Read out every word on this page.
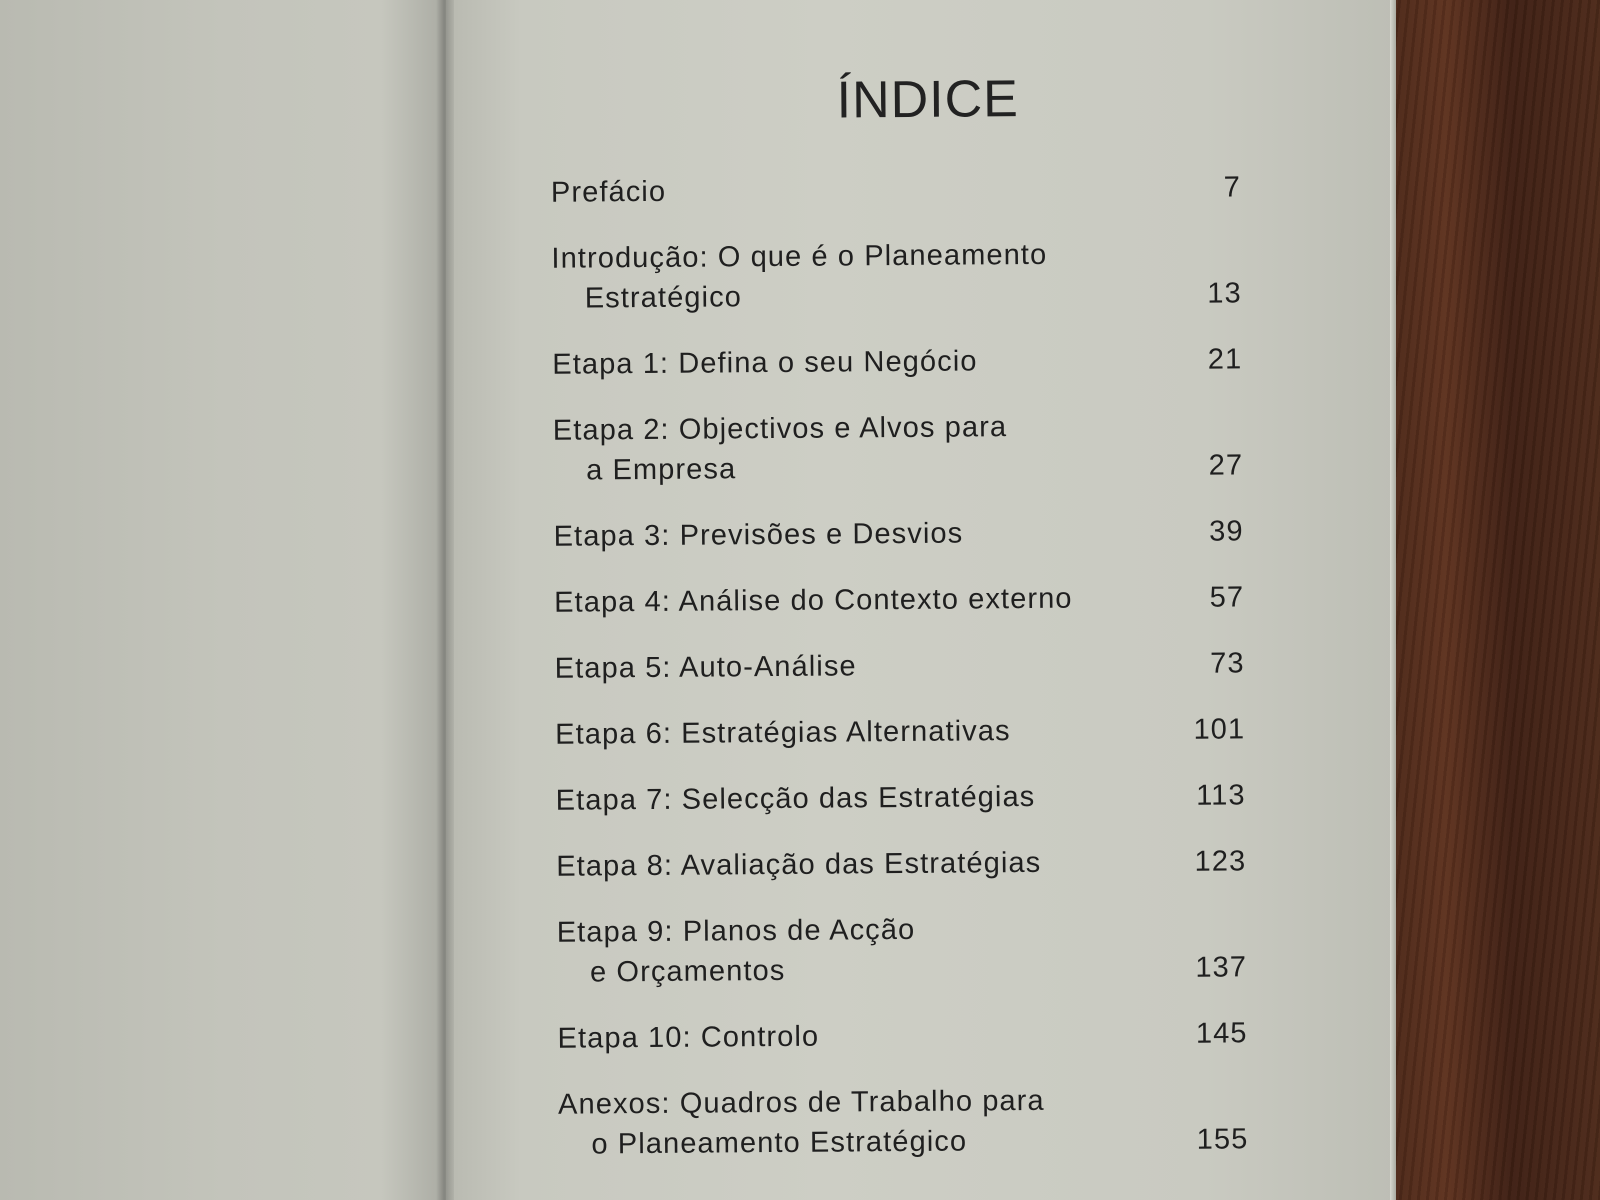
ÍNDICE
Prefácio	7
Introdução: O que é o Planeamento
Estratégico	13
Etapa 1: Defina o seu Negócio	21
Etapa 2: Objectivos e Alvos para
a Empresa	27
Etapa 3: Previsões e Desvios	39
Etapa 4: Análise do Contexto externo	57
Etapa 5: Auto-Análise	73
Etapa 6: Estratégias Alternativas	101
Etapa 7: Selecção das Estratégias	113
Etapa 8: Avaliação das Estratégias	123
Etapa 9: Planos de Acção
e Orçamentos	137
Etapa 10: Controlo	145
Anexos: Quadros de Trabalho para
o Planeamento Estratégico	155
